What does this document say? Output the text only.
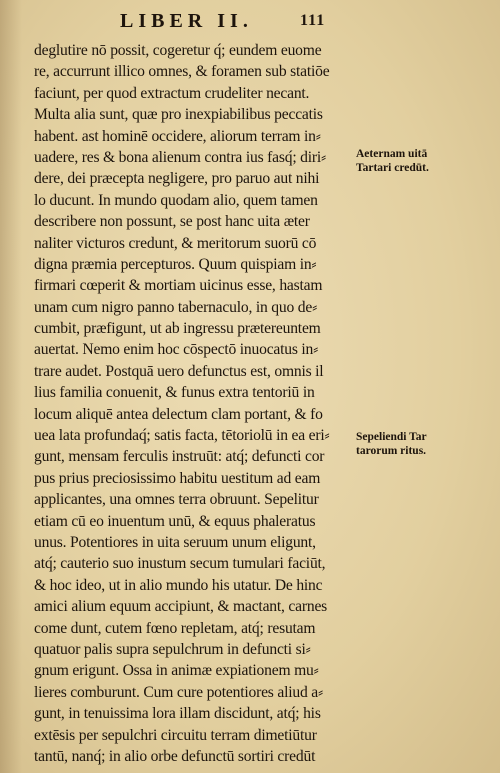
LIBER II.	111
deglutire nō possit, cogeretur q́; eundem euome
re, accurrunt illico omnes, & foramen sub statiōe
faciunt, per quod extractum crudeliter necant.
Multa alia sunt, quæ pro inexpiabilibus peccatis
habent. ast hominē occidere, aliorum terram in⸗
uadere, res & bona alienum contra ius fasq́; diri⸗
dere, dei præcepta negligere, pro paruo aut nihi
lo ducunt. In mundo quodam alio, quem tamen
describere non possunt, se post hanc uita æter
naliter victuros credunt, & meritorum suorū cō
digna præmia percepturos. Quum quispiam in⸗
firmari cœperit & mortiam uicinus esse, hastam
unam cum nigro panno tabernaculo, in quo de⸗
cumbit, præfigunt, ut ab ingressu prætereuntem
auertat. Nemo enim hoc cōspectō inuocatus in⸗
trare audet. Postquā uero defunctus est, omnis il
lius familia conuenit, & funus extra tentoriū in
locum aliquē antea delectum clam portant, & fo
uea lata profundaq́; satis facta, tētoriolū in ea eri⸗
gunt, mensam ferculis instruūt: atq́; defuncti cor
pus prius preciosissimo habitu uestitum ad eam
applicantes, una omnes terra obruunt. Sepelitur
etiam cū eo inuentum unū, & equus phaleratus
unus. Potentiores in uita seruum unum eligunt,
atq́; cauterio suo inustum secum tumulari faciūt,
& hoc ideo, ut in alio mundo his utatur. De hinc
amici alium equum accipiunt, & mactant, carnes
come dunt, cutem fœno repletam, atq́; resutam
quatuor palis supra sepulchrum in defuncti si⸗
gnum erigunt. Ossa in animæ expiationem mu⸗
lieres comburunt. Cum cure potentiores aliud a⸗
gunt, in tenuissima lora illam discidunt, atq́; his
extēsis per sepulchri circuitu terram dimetiūtur
tantū, nanq́; in alio orbe defunctū sortiri credūt
Aeternam uitā
Tartari credūt.
Sepeliendi Tar
tarorum ritus.
